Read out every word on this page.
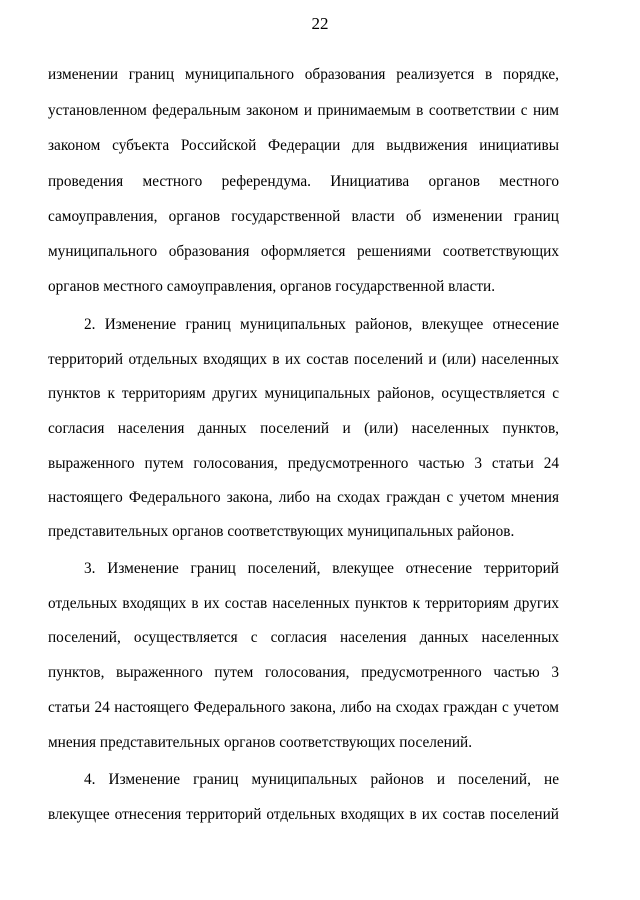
22
изменении границ муниципального образования реализуется в порядке,
установленном федеральным законом и принимаемым в соответствии с ним
законом субъекта Российской Федерации для выдвижения инициативы
проведения местного референдума. Инициатива органов местного
самоуправления, органов государственной власти об изменении границ
муниципального образования оформляется решениями соответствующих
органов местного самоуправления, органов государственной власти.
2. Изменение границ муниципальных районов, влекущее отнесение
территорий отдельных входящих в их состав поселений и (или) населенных
пунктов к территориям других муниципальных районов, осуществляется с
согласия населения данных поселений и (или) населенных пунктов,
выраженного путем голосования, предусмотренного частью 3 статьи 24
настоящего Федерального закона, либо на сходах граждан с учетом мнения
представительных органов соответствующих муниципальных районов.
3. Изменение границ поселений, влекущее отнесение территорий
отдельных входящих в их состав населенных пунктов к территориям других
поселений, осуществляется с согласия населения данных населенных
пунктов, выраженного путем голосования, предусмотренного частью 3
статьи 24 настоящего Федерального закона, либо на сходах граждан с учетом
мнения представительных органов соответствующих поселений.
4. Изменение границ муниципальных районов и поселений, не
влекущее отнесения территорий отдельных входящих в их состав поселений
